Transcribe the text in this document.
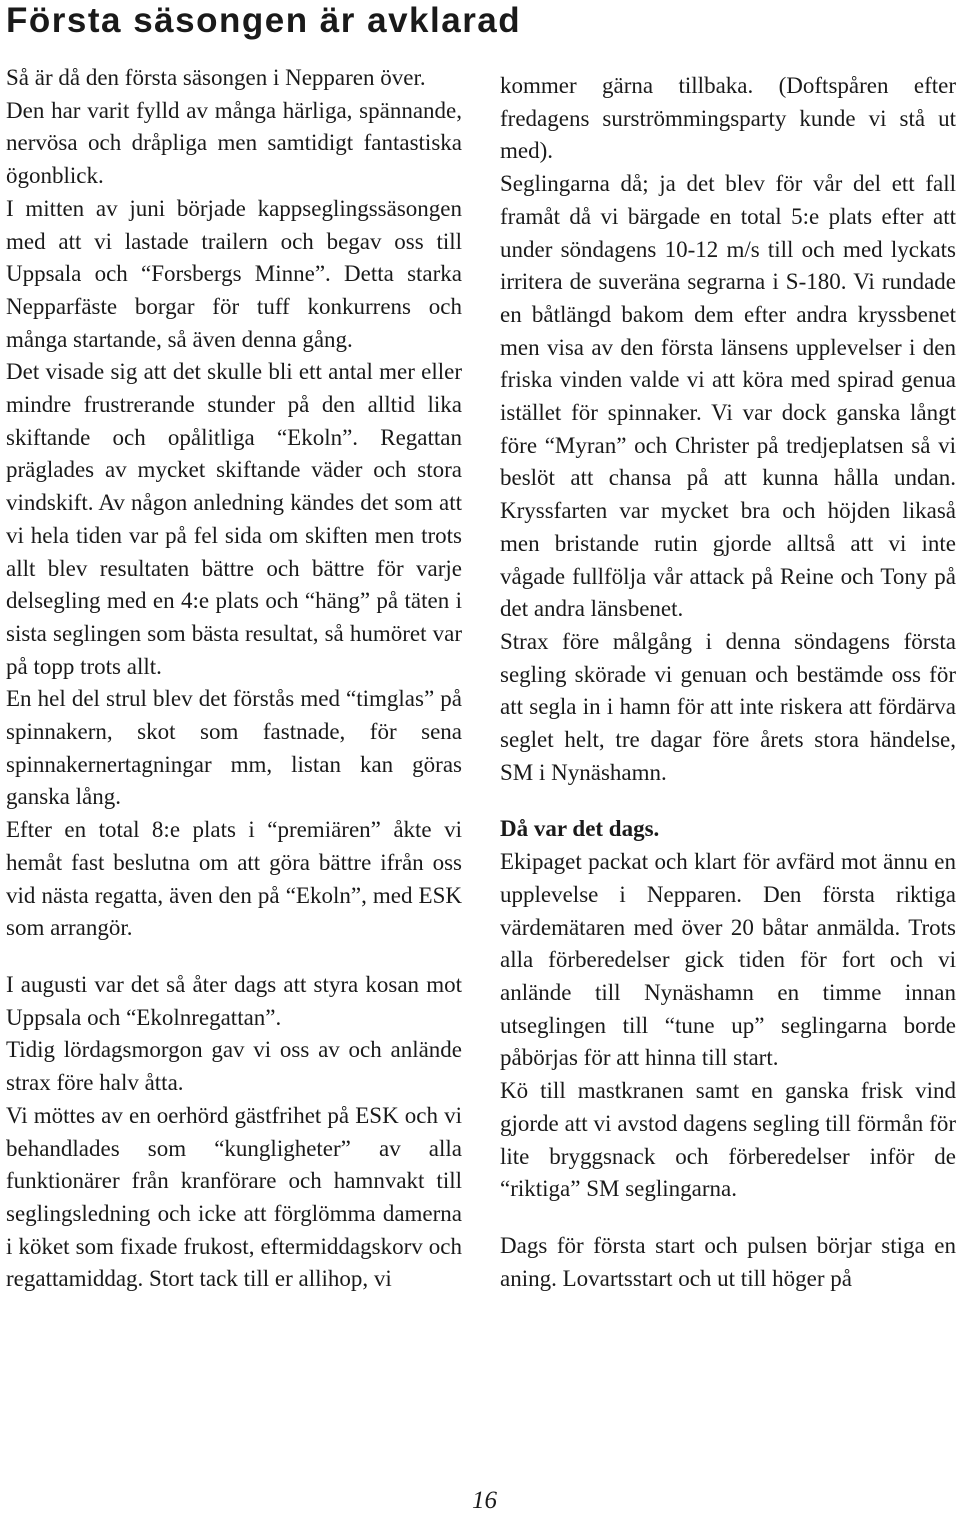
Första säsongen är avklarad

Så är då den första säsongen i Nepparen över.

Den har varit fylld av många härliga, spännande, nervösa och dråpliga men samtidigt fantastiska ögonblick.

I mitten av juni började kappseglingssäsongen med att vi lastade trailern och begav oss till Uppsala och “Forsbergs Minne”. Detta starka Nepparfäste borgar för tuff konkurrens och många startande, så även denna gång.

Det visade sig att det skulle bli ett antal mer eller mindre frustrerande stunder på den alltid lika skiftande och opålitliga “Ekoln”. Regattan präglades av mycket skiftande väder och stora vindskift. Av någon anledning kändes det som att vi hela tiden var på fel sida om skiften men trots allt blev resultaten bättre och bättre för varje delsegling med en 4:e plats och “häng” på täten i sista seglingen som bästa resultat, så humöret var på topp trots allt.

En hel del strul blev det förstås med “timglas” på spinnakern, skot som fastnade, för sena spinnakernertagningar mm, listan kan göras ganska lång.

Efter en total 8:e plats i “premiären” åkte vi hemåt fast beslutna om att göra bättre ifrån oss vid nästa regatta, även den på “Ekoln”, med ESK som arrangör.

I augusti var det så åter dags att styra kosan mot Uppsala och “Ekolnregattan”.

Tidig lördagsmorgon gav vi oss av och anlände strax före halv åtta.

Vi möttes av en oerhörd gästfrihet på ESK och vi behandlades som “kungligheter” av alla funktionärer från kranförare och hamnvakt till seglingsledning och icke att förglömma damerna i köket som fixade frukost, eftermiddagskorv och regattamiddag. Stort tack till er allihop, vi

kommer gärna tillbaka. (Doftspåren efter fredagens surströmmingsparty kunde vi stå ut med).

Seglingarna då; ja det blev för vår del ett fall framåt då vi bärgade en total 5:e plats efter att under söndagens 10-12 m/s till och med lyckats irritera de suveräna segrarna i S-180. Vi rundade en båtlängd bakom dem efter andra kryssbenet men visa av den första länsens upplevelser i den friska vinden valde vi att köra med spirad genua istället för spinnaker. Vi var dock ganska långt före “Myran” och Christer på tredjeplatsen så vi beslöt att chansa på att kunna hålla undan. Kryssfarten var mycket bra och höjden likaså men bristande rutin gjorde alltså att vi inte vågade fullfölja vår attack på Reine och Tony på det andra länsbenet.

Strax före målgång i denna söndagens första segling skörade vi genuan och bestämde oss för att segla in i hamn för att inte riskera att fördärva seglet helt, tre dagar före årets stora händelse, SM i Nynäshamn.

Då var det dags.

Ekipaget packat och klart för avfärd mot ännu en upplevelse i Nepparen. Den första riktiga värdemätaren med över 20 båtar anmälda. Trots alla förberedelser gick tiden för fort och vi anlände till Nynäshamn en timme innan utseglingen till “tune up” seglingarna borde påbörjas för att hinna till start.

Kö till mastkranen samt en ganska frisk vind gjorde att vi avstod dagens segling till förmån för lite bryggsnack och förberedelser inför de “riktiga” SM seglingarna.

Dags för första start och pulsen börjar stiga en aning. Lovartsstart och ut till höger på

16
